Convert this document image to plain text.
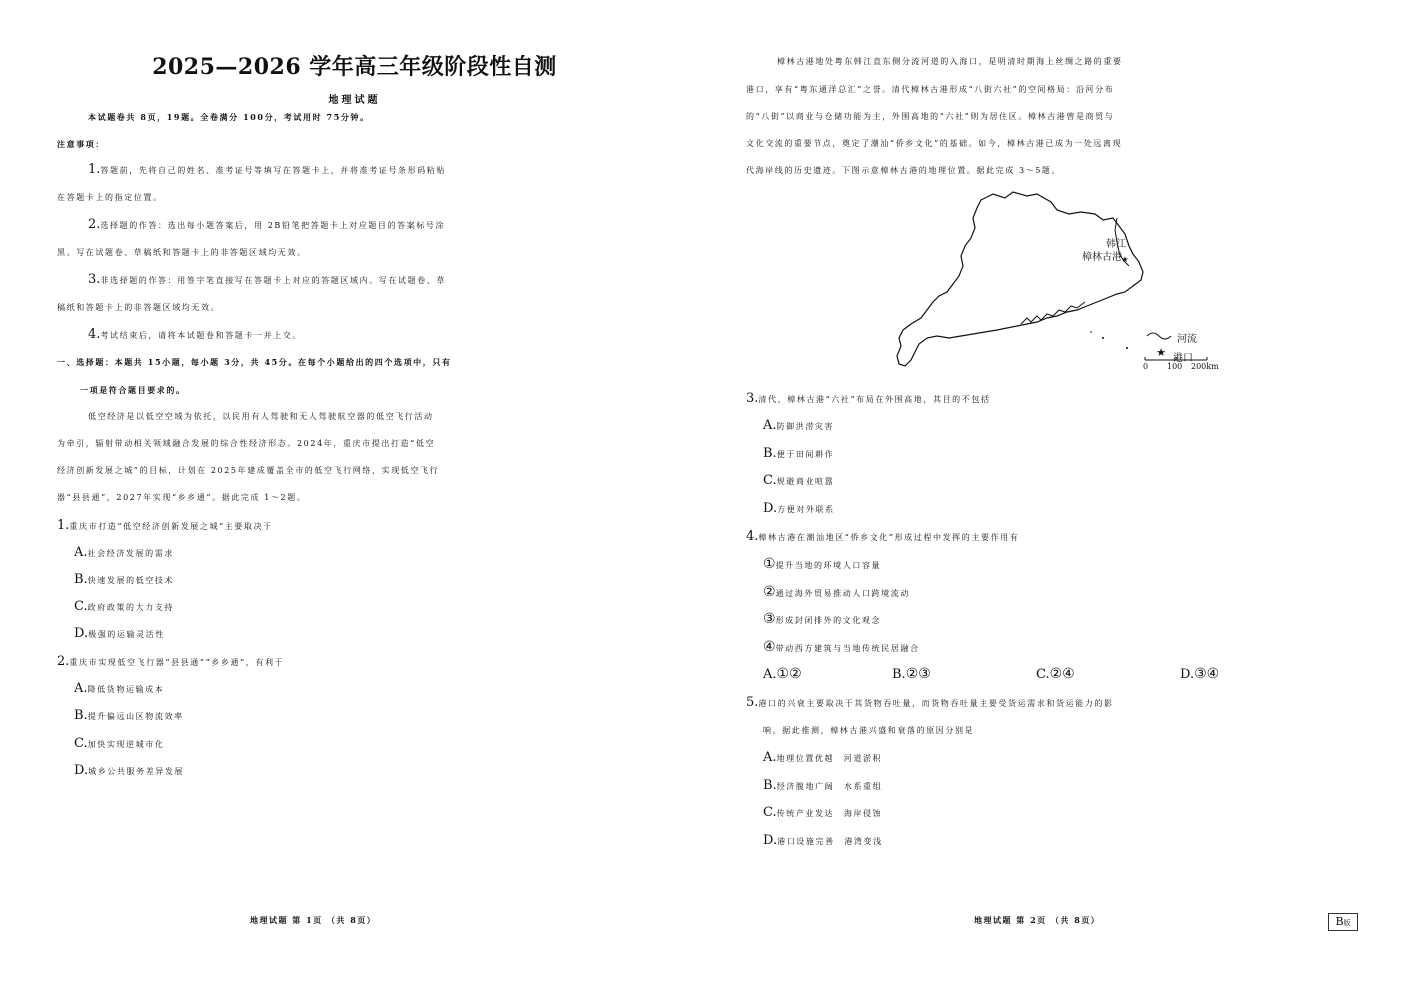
2025—2026 学年高三年级阶段性自测
地理试题
本试题卷共 8页，19题。全卷满分 100分，考试用时 75分钟。
注意事项：
1.答题前，先将自己的姓名、准考证号等填写在答题卡上，并将准考证号条形码粘贴
在答题卡上的指定位置。
2.选择题的作答：选出每小题答案后，用 2B铅笔把答题卡上对应题目的答案标号涂
黑。写在试题卷、草稿纸和答题卡上的非答题区域均无效。
3.非选择题的作答：用签字笔直接写在答题卡上对应的答题区域内。写在试题卷、草
稿纸和答题卡上的非答题区域均无效。
4.考试结束后，请将本试题卷和答题卡一并上交。
一、选择题：本题共 15小题，每小题 3分，共 45分。在每个小题给出的四个选项中，只有
一项是符合题目要求的。
低空经济是以低空空域为依托，以民用有人驾驶和无人驾驶航空器的低空飞行活动
为牵引，辐射带动相关领域融合发展的综合性经济形态。2024年，重庆市提出打造“低空
经济创新发展之城”的目标，计划在 2025年建成覆盖全市的低空飞行网络，实现低空飞行
器“县县通”，2027年实现“乡乡通”。据此完成 1～2题。
1.重庆市打造“低空经济创新发展之城”主要取决于
A.社会经济发展的需求
B.快速发展的低空技术
C.政府政策的大力支持
D.极强的运输灵活性
2.重庆市实现低空飞行器“县县通”“乡乡通”，有利于
A.降低货物运输成本
B.提升偏远山区物流效率
C.加快实现逆城市化
D.城乡公共服务差异发展
地理试题 第 1页 （共 8页）
樟林古港地处粤东韩江直东侧分流河道的入海口，是明清时期海上丝绸之路的重要
港口，享有“粤东通洋总汇”之誉。清代樟林古港形成“八街六社”的空间格局：沿河分布
的“八街”以商业与仓储功能为主，外围高地的“六社”则为居住区。樟林古港曾是商贸与
文化交流的重要节点，奠定了潮汕“侨乡文化”的基础。如今，樟林古港已成为一处远离现
代海岸线的历史遗迹。下图示意樟林古港的地理位置。据此完成 3～5题。
★
★
韩江
樟林古港
河流
港口
0 100 200km
3.清代，樟林古港“六社”布局在外围高地，其目的不包括
A.防御洪涝灾害
B.便于田间耕作
C.规避商业喧嚣
D.方便对外联系
4.樟林古港在潮汕地区“侨乡文化”形成过程中发挥的主要作用有
①提升当地的环境人口容量
②通过海外贸易推动人口跨境流动
③形成封闭排外的文化观念
④带动西方建筑与当地传统民居融合
A.①②	B.②③	C.②④	D.③④
5.港口的兴衰主要取决于其货物吞吐量，而货物吞吐量主要受货运需求和货运能力的影
响。据此推测，樟林古港兴盛和衰落的原因分别是
A.地理位置优越　 河道淤积
B.经济腹地广阔　 水系重组
C.传统产业发达　 海岸侵蚀
D.港口设施完善　 港湾变浅
地理试题 第 2页 （共 8页）	B版
